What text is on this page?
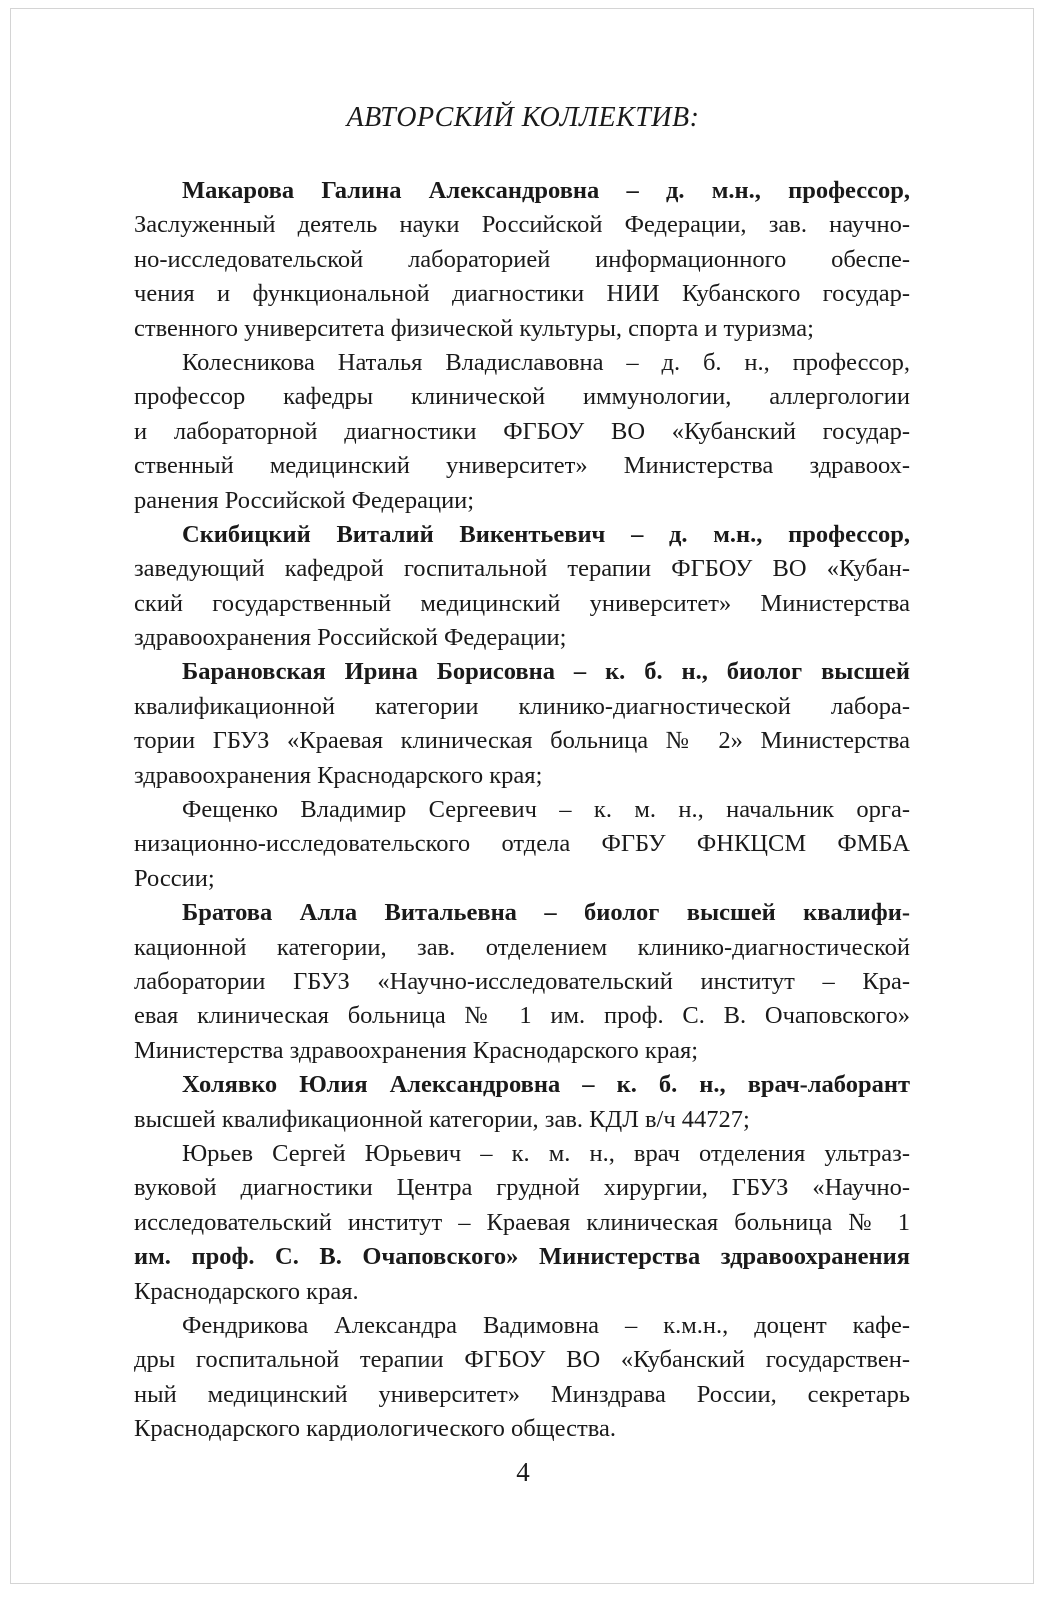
АВТОРСКИЙ КОЛЛЕКТИВ:
Макарова Галина Александровна – д. м.н., профессор,
Заслуженный деятель науки Российской Федерации, зав. научно-
но-исследовательской лабораторией информационного обеспе-
чения и функциональной диагностики НИИ Кубанского государ-
ственного университета физической культуры, спорта и туризма;
Колесникова Наталья Владиславовна – д. б. н., профессор,
профессор кафедры клинической иммунологии, аллергологии
и лабораторной диагностики ФГБОУ ВО «Кубанский государ-
ственный медицинский университет» Министерства здравоох-
ранения Российской Федерации;
Скибицкий Виталий Викентьевич – д. м.н., профессор,
заведующий кафедрой госпитальной терапии ФГБОУ ВО «Кубан-
ский государственный медицинский университет» Министерства
здравоохранения Российской Федерации;
Барановская Ирина Борисовна – к. б. н., биолог высшей
квалификационной категории клинико-диагностической лабора-
тории ГБУЗ «Краевая клиническая больница № 2» Министерства
здравоохранения Краснодарского края;
Фещенко Владимир Сергеевич – к. м. н., начальник орга-
низационно-исследовательского отдела ФГБУ ФНКЦСМ ФМБА
России;
Братова Алла Витальевна – биолог высшей квалифи-
кационной категории, зав. отделением клинико-диагностической
лаборатории ГБУЗ «Научно-исследовательский институт – Кра-
евая клиническая больница № 1 им. проф. С. В. Очаповского»
Министерства здравоохранения Краснодарского края;
Холявко Юлия Александровна – к. б. н., врач-лаборант
высшей квалификационной категории, зав. КДЛ в/ч 44727;
Юрьев Сергей Юрьевич – к. м. н., врач отделения ультраз-
вуковой диагностики Центра грудной хирургии, ГБУЗ «Научно-
исследовательский институт – Краевая клиническая больница № 1
им. проф. С. В. Очаповского» Министерства здравоохранения
Краснодарского края.
Фендрикова Александра Вадимовна – к.м.н., доцент кафе-
дры госпитальной терапии ФГБОУ ВО «Кубанский государствен-
ный медицинский университет» Минздрава России, секретарь
Краснодарского кардиологического общества.
4
